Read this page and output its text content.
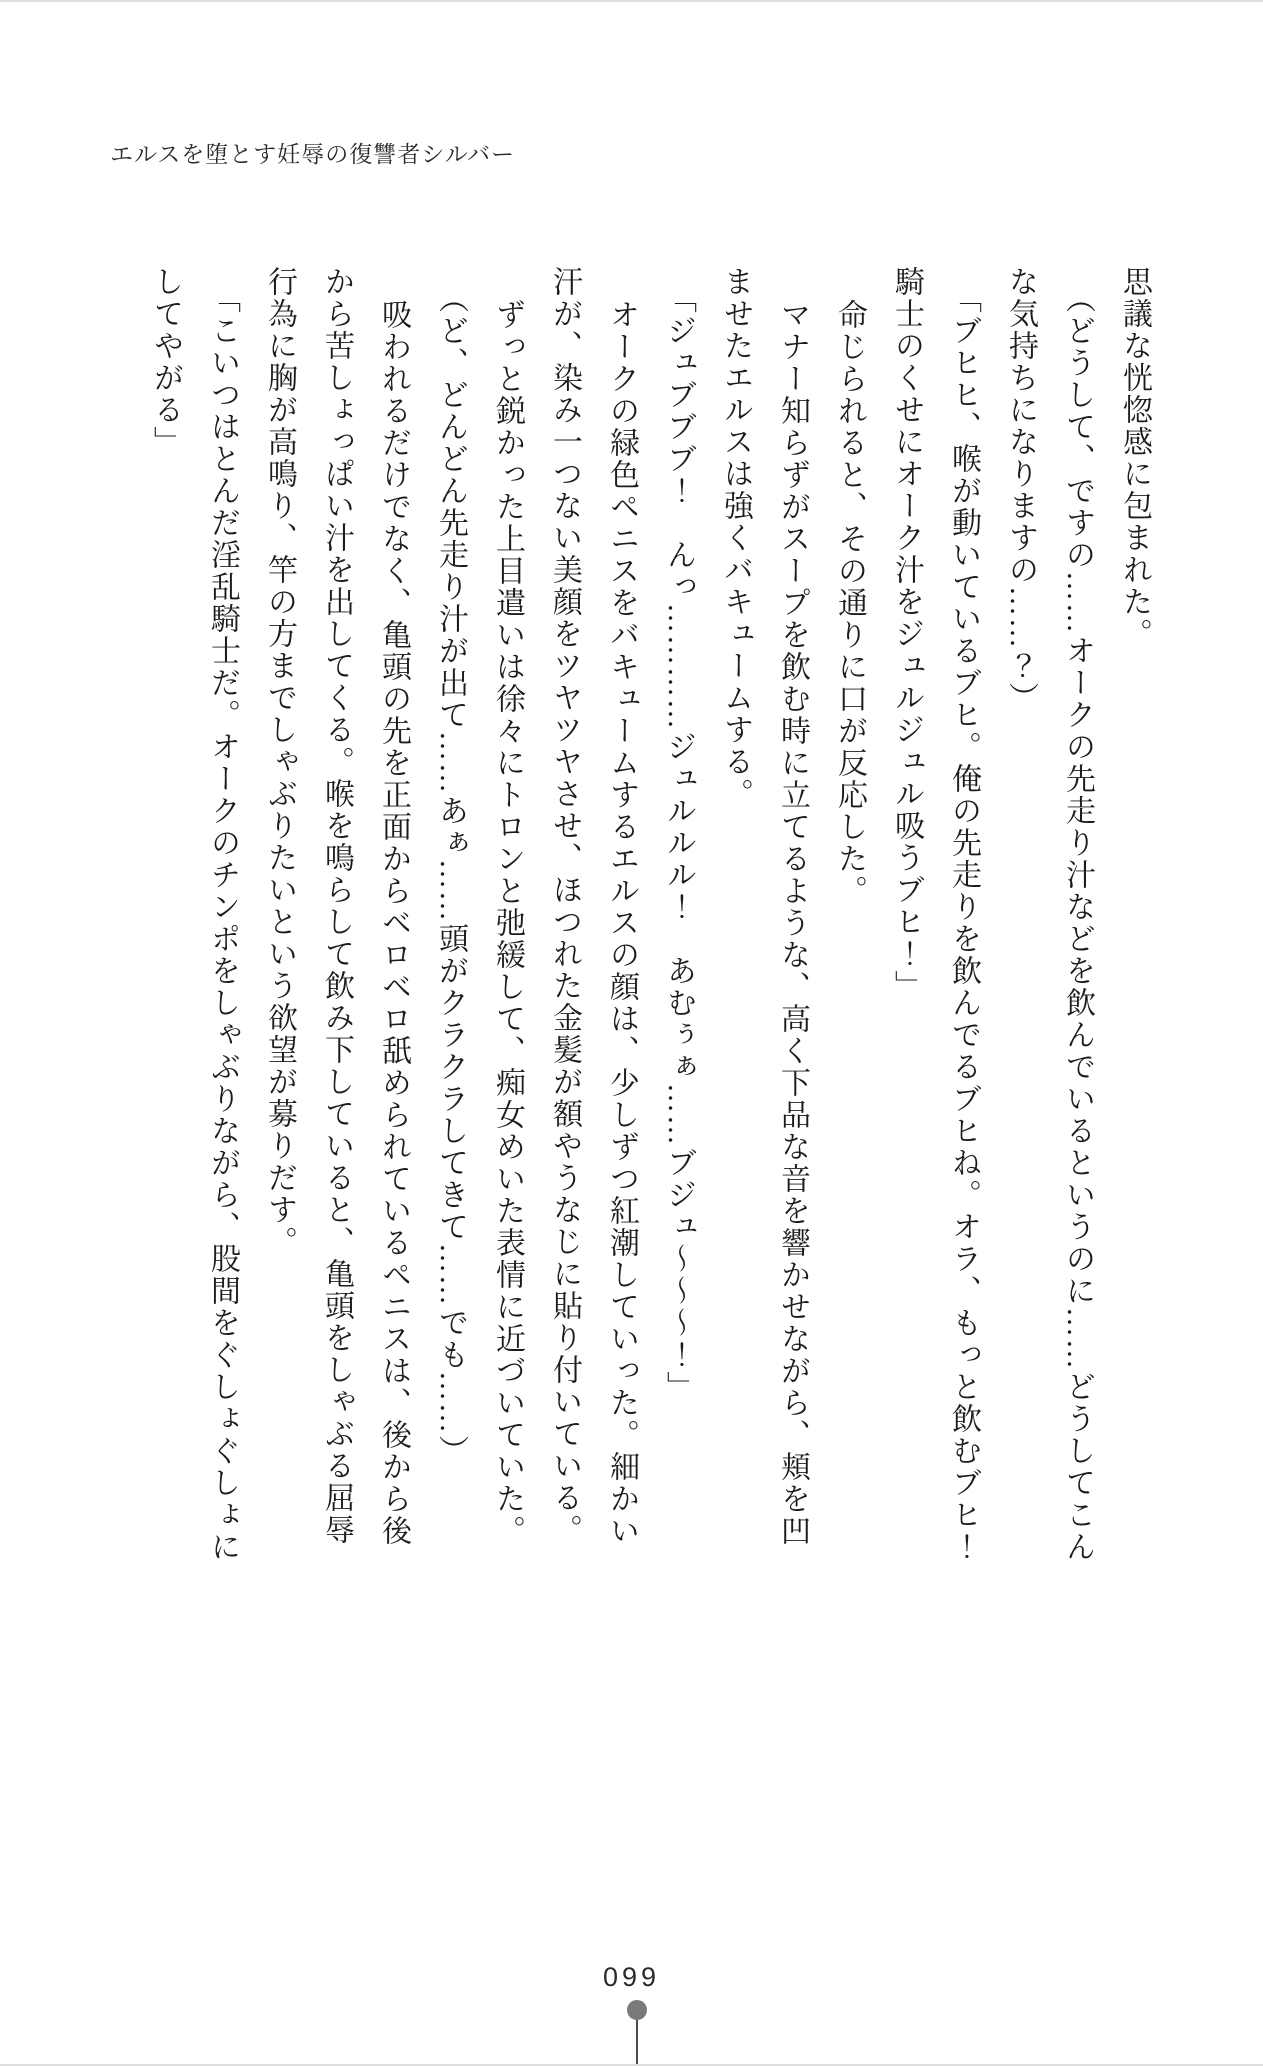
エルスを堕とす妊辱の復讐者シルバー

思議な恍惚感に包まれた。

（どうして、ですの……オークの先走り汁などを飲んでいるというのに……どうしてこん

な気持ちになりますの……？）

「ブヒヒ、喉が動いているブヒ。俺の先走りを飲んでるブヒね。オラ、もっと飲むブヒ！

騎士のくせにオーク汁をジュルジュル吸うブヒ！」

命じられると、その通りに口が反応した。

マナー知らずがスープを飲む時に立てるような、高く下品な音を響かせながら、頬を凹

ませたエルスは強くバキュームする。

「ジュブブブ！　んっ…………ジュルルル！　あむぅぁ……ブジュ～～～！」

オークの緑色ペニスをバキュームするエルスの顔は、少しずつ紅潮していった。細かい

汗が、染み一つない美顔をツヤツヤさせ、ほつれた金髪が額やうなじに貼り付いている。

ずっと鋭かった上目遣いは徐々にトロンと弛緩して、痴女めいた表情に近づいていた。

（ど、どんどん先走り汁が出て……あぁ……頭がクラクラしてきて……でも……）

吸われるだけでなく、亀頭の先を正面からベロベロ舐められているペニスは、後から後

から苦しょっぱい汁を出してくる。喉を鳴らして飲み下していると、亀頭をしゃぶる屈辱

行為に胸が高鳴り、竿の方までしゃぶりたいという欲望が募りだす。

「こいつはとんだ淫乱騎士だ。オークのチンポをしゃぶりながら、股間をぐしょぐしょに

してやがる」

099
